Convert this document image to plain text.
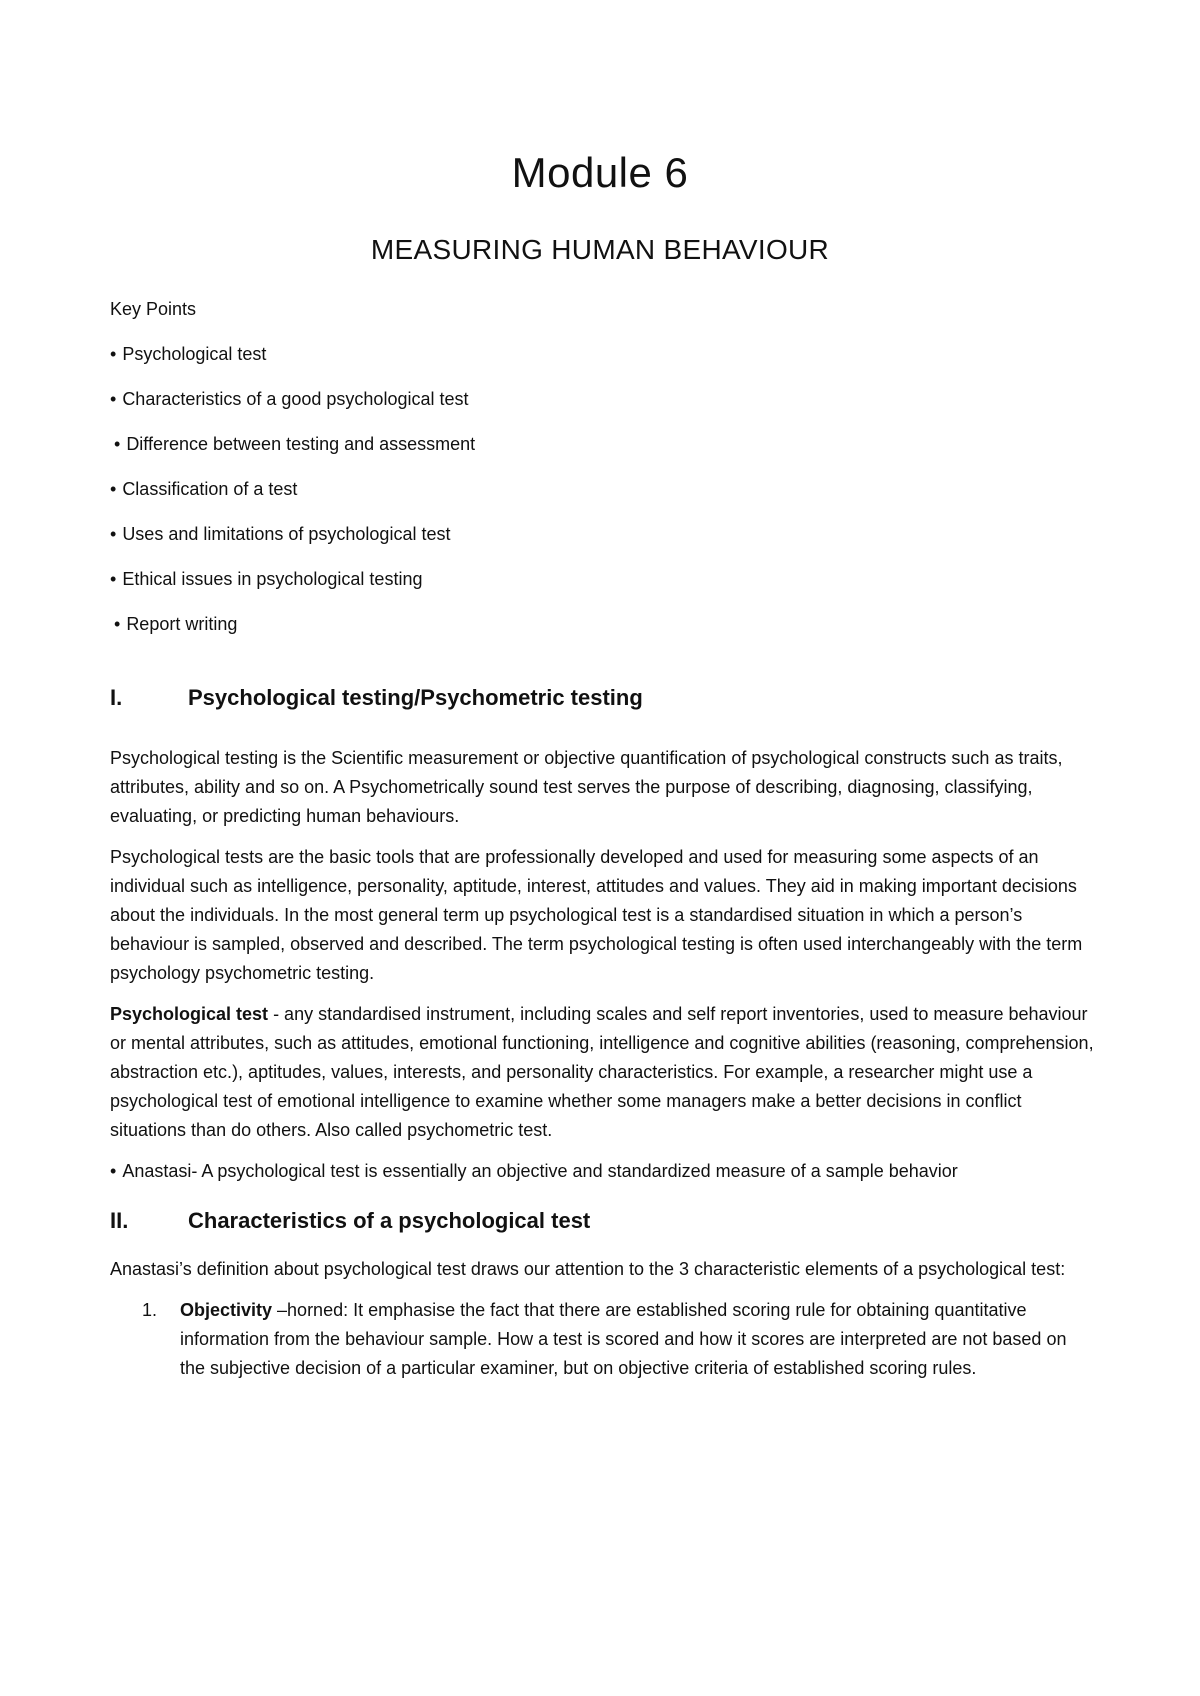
Module 6
MEASURING HUMAN BEHAVIOUR
Key Points
• Psychological test
• Characteristics of a good psychological test
• Difference between testing and assessment
• Classification of a test
• Uses and limitations of psychological test
• Ethical issues in psychological testing
• Report writing
I.	Psychological testing/Psychometric testing

Psychological testing is the Scientific measurement or objective quantification of psychological constructs such as traits, attributes, ability and so on. A Psychometrically sound test serves the purpose of describing, diagnosing, classifying, evaluating, or predicting human behaviours.

Psychological tests are the basic tools that are professionally developed and used for measuring some aspects of an individual such as intelligence, personality, aptitude, interest, attitudes and values. They aid in making important decisions about the individuals. In the most general term up psychological test is a standardised situation in which a person’s behaviour is sampled, observed and described. The term psychological testing is often used interchangeably with the term psychology psychometric testing.

Psychological test - any standardised instrument, including scales and self report inventories, used to measure behaviour or mental attributes, such as attitudes, emotional functioning, intelligence and cognitive abilities (reasoning, comprehension, abstraction etc.), aptitudes, values, interests, and personality characteristics. For example, a researcher might use a psychological test of emotional intelligence to examine whether some managers make a better decisions in conflict situations than do others. Also called psychometric test.

• Anastasi- A psychological test is essentially an objective and standardized measure of a sample behavior

II.	Characteristics of a psychological test

Anastasi’s definition about psychological test draws our attention to the 3 characteristic elements of a psychological test:

1.	Objectivity –horned: It emphasise the fact that there are established scoring rule for obtaining quantitative information from the behaviour sample. How a test is scored and how it scores are interpreted are not based on the subjective decision of a particular examiner, but on objective criteria of established scoring rules.
